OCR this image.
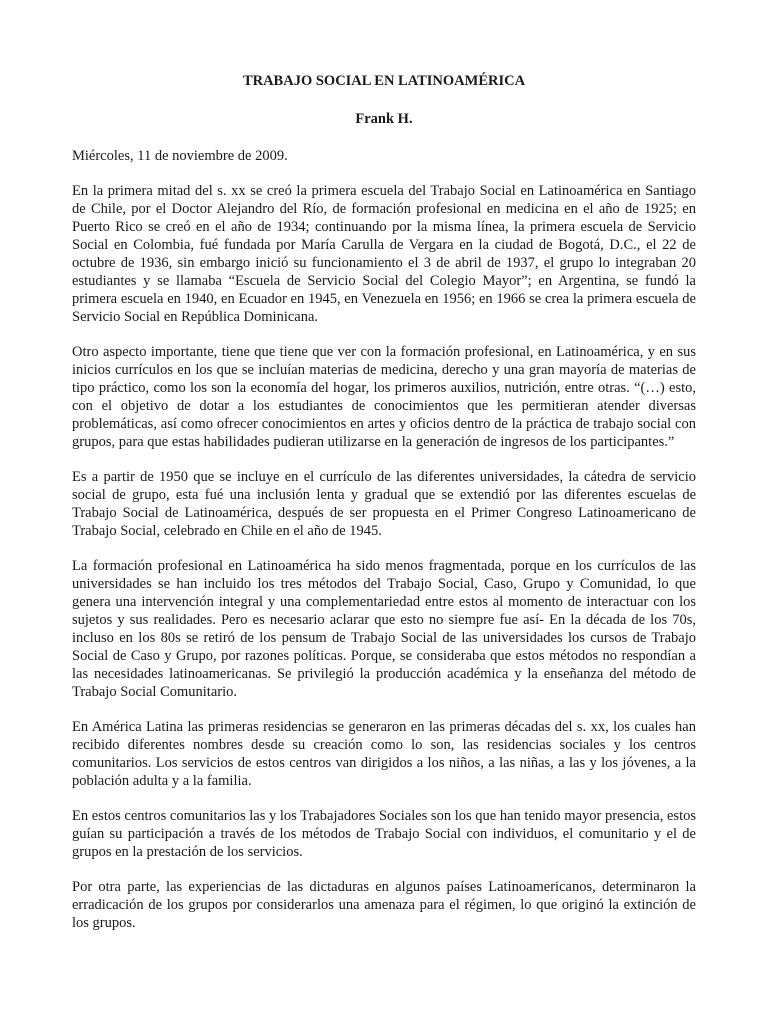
TRABAJO SOCIAL EN LATINOAMÉRICA

Frank H.

Miércoles, 11 de noviembre de 2009.

En la primera mitad del s. xx se creó la primera escuela del Trabajo Social en Latinoamérica en Santiago de Chile, por el Doctor Alejandro del Río, de formación profesional en medicina en el año de 1925; en Puerto Rico se creó en el año de 1934; continuando por la misma línea, la primera escuela de Servicio Social en Colombia, fué fundada por María Carulla de Vergara en la ciudad de Bogotá, D.C., el 22 de octubre de 1936, sin embargo inició su funcionamiento el 3 de abril de 1937, el grupo lo integraban 20 estudiantes y se llamaba “Escuela de Servicio Social del Colegio Mayor”; en Argentina, se fundó la primera escuela en 1940, en Ecuador en 1945, en Venezuela en 1956; en 1966 se crea la primera escuela de Servicio Social en República Dominicana.

Otro aspecto importante, tiene que tiene que ver con la formación profesional, en Latinoamérica, y en sus inicios currículos en los que se incluían materias de medicina, derecho y una gran mayoría de materias de tipo práctico, como los son la economía del hogar, los primeros auxilios, nutrición, entre otras. “(…) esto, con el objetivo de dotar a los estudiantes de conocimientos que les permitieran atender diversas problemáticas, así como ofrecer conocimientos en artes y oficios dentro de la práctica de trabajo social con grupos, para que estas habilidades pudieran utilizarse en la generación de ingresos de los participantes.”

Es a partir de 1950 que se incluye en el currículo de las diferentes universidades, la cátedra de servicio social de grupo, esta fué una inclusión lenta y gradual que se extendió por las diferentes escuelas de Trabajo Social de Latinoamérica, después de ser propuesta en el Primer Congreso Latinoamericano de Trabajo Social, celebrado en Chile en el año de 1945.

La formación profesional en Latinoamérica ha sido menos fragmentada, porque en los currículos de las universidades se han incluido los tres métodos del Trabajo Social, Caso, Grupo y Comunidad, lo que genera una intervención integral y una complementariedad entre estos al momento de interactuar con los sujetos y sus realidades. Pero es necesario aclarar que esto no siempre fue así- En la década de los 70s, incluso en los 80s se retiró de los pensum de Trabajo Social de las universidades los cursos de Trabajo Social de Caso y Grupo, por razones políticas. Porque, se consideraba que estos métodos no respondían a las necesidades latinoamericanas. Se privilegió la producción académica y la enseñanza del método de Trabajo Social Comunitario.

En América Latina las primeras residencias se generaron en las primeras décadas del s. xx, los cuales han recibido diferentes nombres desde su creación como lo son, las residencias sociales y los centros comunitarios. Los servicios de estos centros van dirigidos a los niños, a las niñas, a las y los jóvenes, a la población adulta y a la familia.

En estos centros comunitarios las y los Trabajadores Sociales son los que han tenido mayor presencia, estos guían su participación a través de los métodos de Trabajo Social con individuos, el comunitario y el de grupos en la prestación de los servicios.

Por otra parte, las experiencias de las dictaduras en algunos países Latinoamericanos, determinaron la erradicación de los grupos por considerarlos una amenaza para el régimen, lo que originó la extinción de los grupos.
